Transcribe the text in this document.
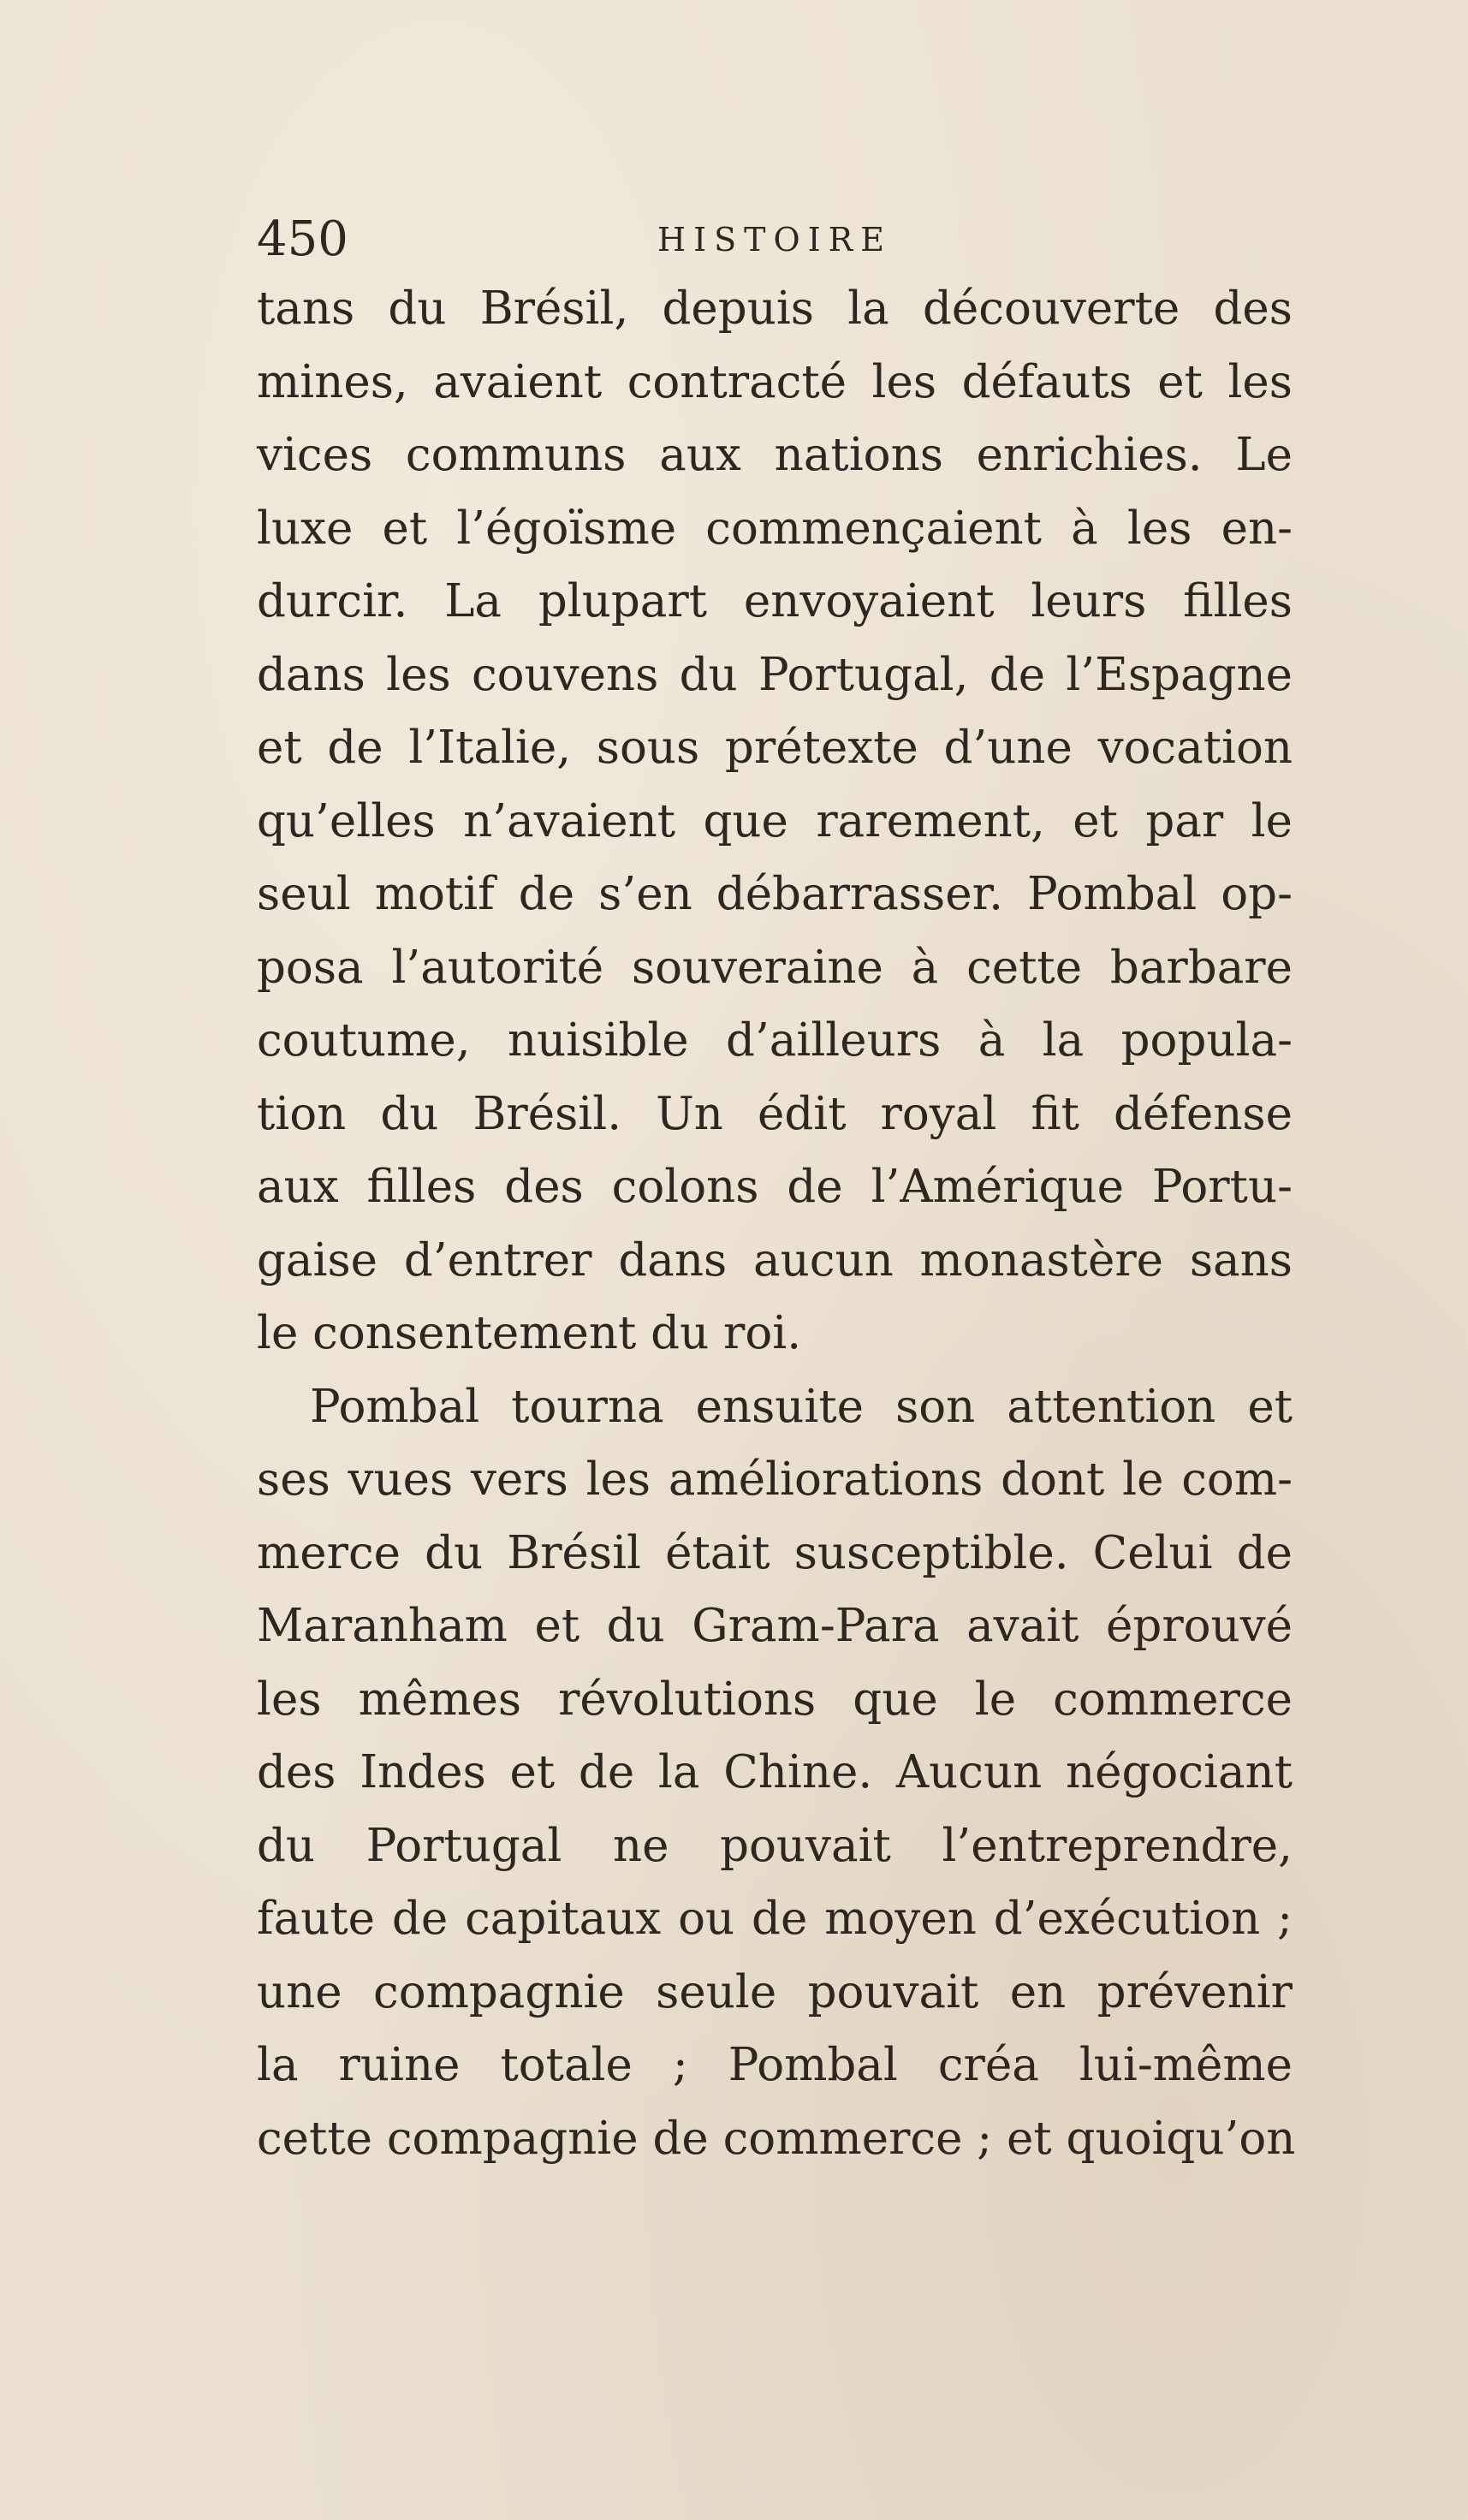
450	HISTOIRE
tans du Brésil, depuis la découverte des
mines, avaient contracté les défauts et les
vices communs aux nations enrichies. Le
luxe et l’égoïsme commençaient à les en-
durcir. La plupart envoyaient leurs filles
dans les couvens du Portugal, de l’Espagne
et de l’Italie, sous prétexte d’une vocation
qu’elles n’avaient que rarement, et par le
seul motif de s’en débarrasser. Pombal op-
posa l’autorité souveraine à cette barbare
coutume, nuisible d’ailleurs à la popula-
tion du Brésil. Un édit royal fit défense
aux filles des colons de l’Amérique Portu-
gaise d’entrer dans aucun monastère sans
le consentement du roi.
Pombal tourna ensuite son attention et
ses vues vers les améliorations dont le com-
merce du Brésil était susceptible. Celui de
Maranham et du Gram-Para avait éprouvé
les mêmes révolutions que le commerce
des Indes et de la Chine. Aucun négociant
du Portugal ne pouvait l’entreprendre,
faute de capitaux ou de moyen d’exécution ;
une compagnie seule pouvait en prévenir
la ruine totale ; Pombal créa lui-même
cette compagnie de commerce ; et quoiqu’on
